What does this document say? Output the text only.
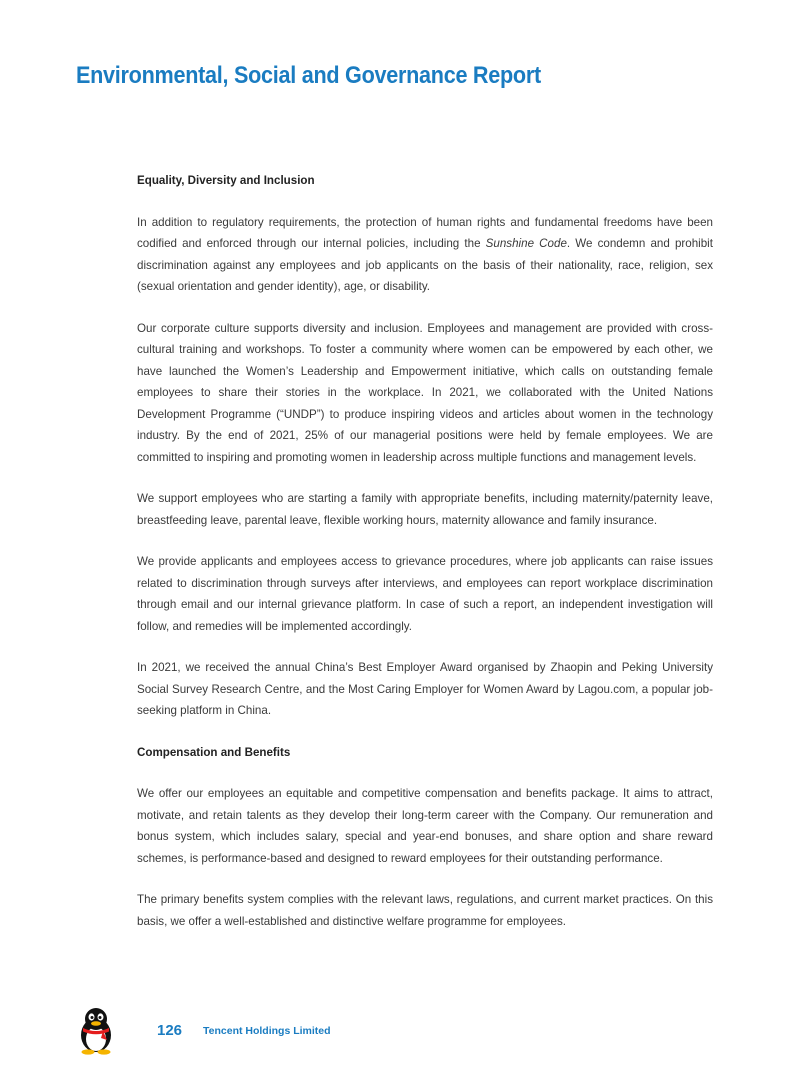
Environmental, Social and Governance Report

Equality, Diversity and Inclusion

In addition to regulatory requirements, the protection of human rights and fundamental freedoms have been codified and enforced through our internal policies, including the Sunshine Code. We condemn and prohibit discrimination against any employees and job applicants on the basis of their nationality, race, religion, sex (sexual orientation and gender identity), age, or disability.

Our corporate culture supports diversity and inclusion. Employees and management are provided with cross-cultural training and workshops. To foster a community where women can be empowered by each other, we have launched the Women’s Leadership and Empowerment initiative, which calls on outstanding female employees to share their stories in the workplace. In 2021, we collaborated with the United Nations Development Programme (“UNDP”) to produce inspiring videos and articles about women in the technology industry. By the end of 2021, 25% of our managerial positions were held by female employees. We are committed to inspiring and promoting women in leadership across multiple functions and management levels.

We support employees who are starting a family with appropriate benefits, including maternity/paternity leave, breastfeeding leave, parental leave, flexible working hours, maternity allowance and family insurance.

We provide applicants and employees access to grievance procedures, where job applicants can raise issues related to discrimination through surveys after interviews, and employees can report workplace discrimination through email and our internal grievance platform. In case of such a report, an independent investigation will follow, and remedies will be implemented accordingly.

In 2021, we received the annual China’s Best Employer Award organised by Zhaopin and Peking University Social Survey Research Centre, and the Most Caring Employer for Women Award by Lagou.com, a popular job-seeking platform in China.

Compensation and Benefits

We offer our employees an equitable and competitive compensation and benefits package. It aims to attract, motivate, and retain talents as they develop their long-term career with the Company. Our remuneration and bonus system, which includes salary, special and year-end bonuses, and share option and share reward schemes, is performance-based and designed to reward employees for their outstanding performance.

The primary benefits system complies with the relevant laws, regulations, and current market practices. On this basis, we offer a well-established and distinctive welfare programme for employees.

126 Tencent Holdings Limited
